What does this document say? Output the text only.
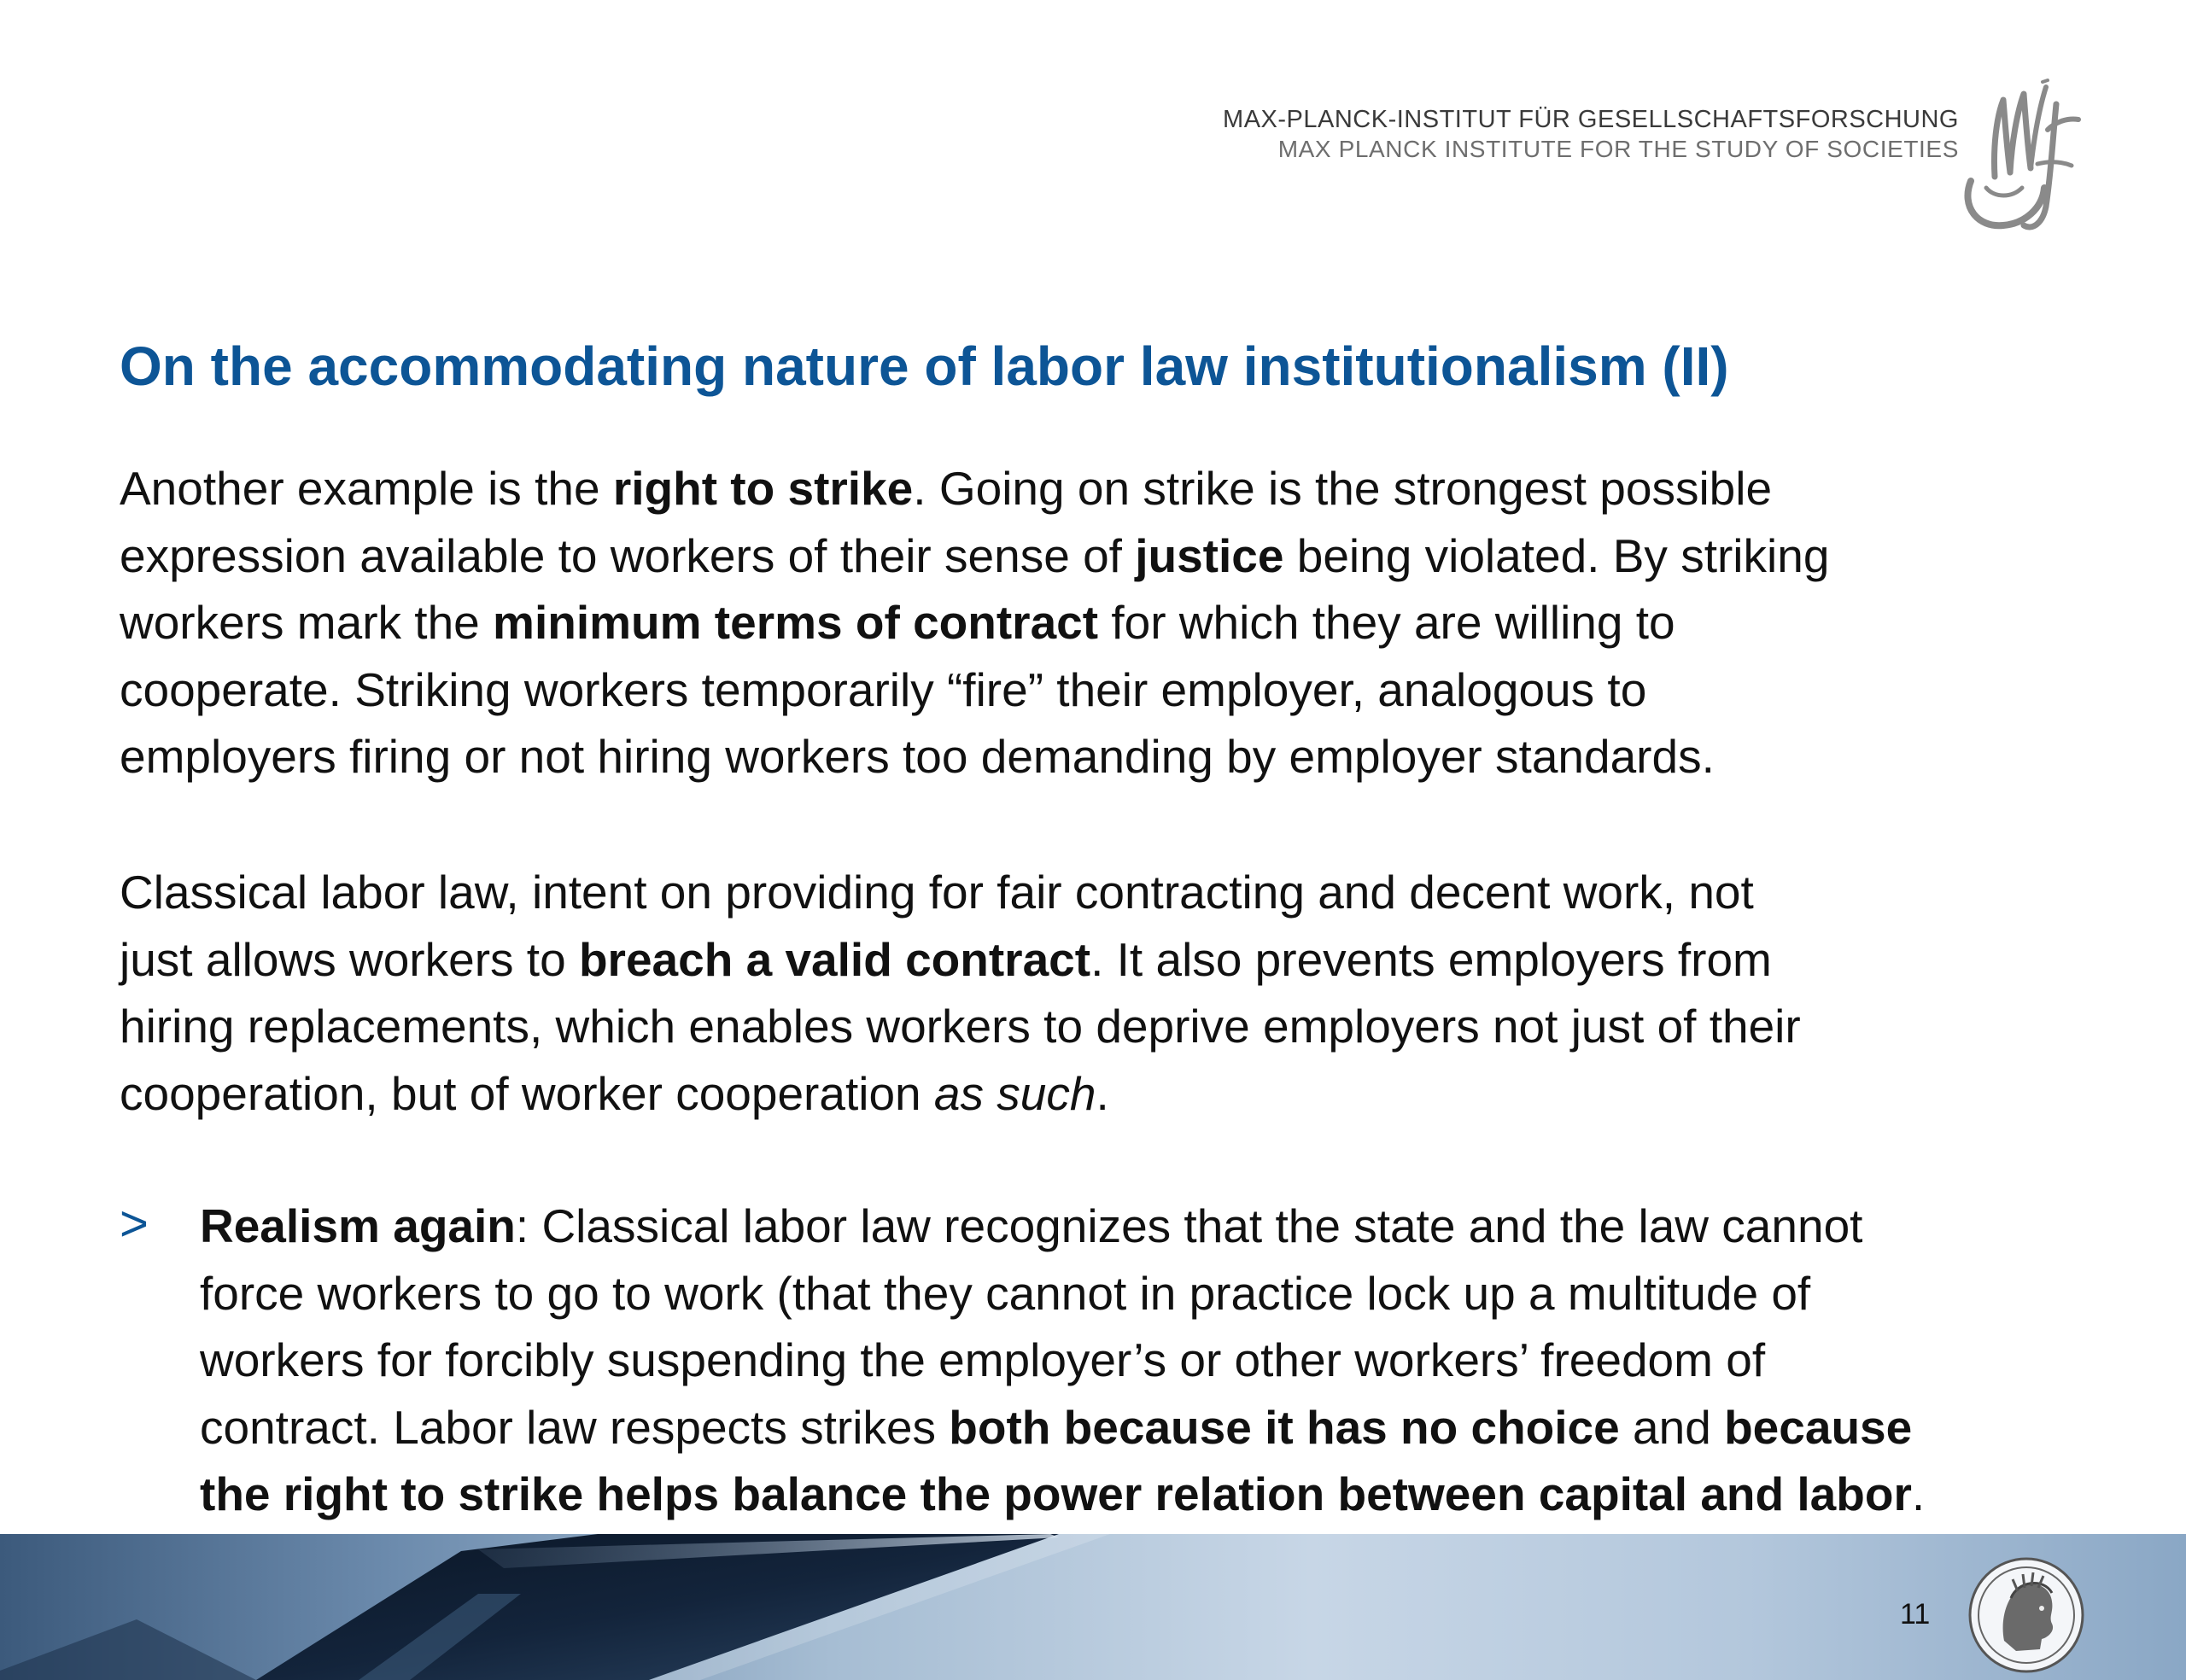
MAX-PLANCK-INSTITUT FÜR GESELLSCHAFTSFORSCHUNG
MAX PLANCK INSTITUTE FOR THE STUDY OF SOCIETIES
On the accommodating nature of labor law institutionalism (II)

Another example is the right to strike. Going on strike is the strongest possible
expression available to workers of their sense of justice being violated. By striking
workers mark the minimum terms of contract for which they are willing to
cooperate. Striking workers temporarily “fire” their employer, analogous to
employers firing or not hiring workers too demanding by employer standards.

Classical labor law, intent on providing for fair contracting and decent work, not
just allows workers to breach a valid contract. It also prevents employers from
hiring replacements, which enables workers to deprive employers not just of their
cooperation, but of worker cooperation as such.

> Realism again: Classical labor law recognizes that the state and the law cannot
force workers to go to work (that they cannot in practice lock up a multitude of
workers for forcibly suspending the employer’s or other workers’ freedom of
contract. Labor law respects strikes both because it has no choice and because
the right to strike helps balance the power relation between capital and labor.

11
